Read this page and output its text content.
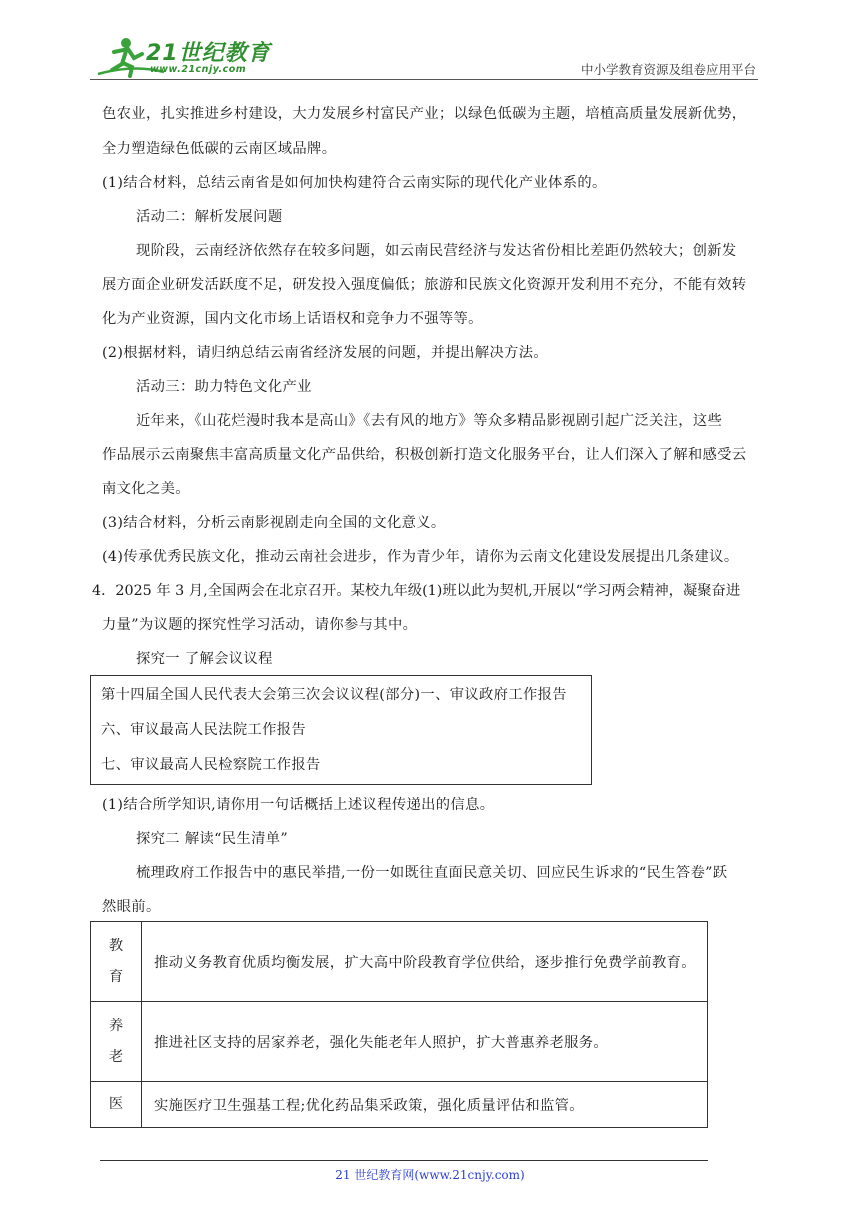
21世纪教育
www.21cnjy.com	中小学教育资源及组卷应用平台
色农业，扎实推进乡村建设，大力发展乡村富民产业；以绿色低碳为主题，培植高质量发展新优势，
全力塑造绿色低碳的云南区域品牌。
(1)结合材料，总结云南省是如何加快构建符合云南实际的现代化产业体系的。
活动二：解析发展问题
现阶段，云南经济依然存在较多问题，如云南民营经济与发达省份相比差距仍然较大；创新发
展方面企业研发活跃度不足，研发投入强度偏低；旅游和民族文化资源开发利用不充分，不能有效转
化为产业资源，国内文化市场上话语权和竞争力不强等等。
(2)根据材料，请归纳总结云南省经济发展的问题，并提出解决方法。
活动三：助力特色文化产业
近年来，《山花烂漫时我本是高山》《去有风的地方》等众多精品影视剧引起广泛关注，这些
作品展示云南聚焦丰富高质量文化产品供给，积极创新打造文化服务平台，让人们深入了解和感受云
南文化之美。
(3)结合材料，分析云南影视剧走向全国的文化意义。
(4)传承优秀民族文化，推动云南社会进步，作为青少年，请你为云南文化建设发展提出几条建议。
4．2025 年 3 月,全国两会在北京召开。某校九年级(1)班以此为契机,开展以“学习两会精神，凝聚奋进
力量”为议题的探究性学习活动，请你参与其中。
探究一 了解会议议程
第十四届全国人民代表大会第三次会议议程(部分)一、审议政府工作报告
六、审议最高人民法院工作报告
七、审议最高人民检察院工作报告
(1)结合所学知识,请你用一句话概括上述议程传递出的信息。
探究二 解读“民生清单”
梳理政府工作报告中的惠民举措,一份一如既往直面民意关切、回应民生诉求的“民生答卷”跃
然眼前。
教
育	推动义务教育优质均衡发展，扩大高中阶段教育学位供给，逐步推行免费学前教育。

养
老	推进社区支持的居家养老，强化失能老年人照护，扩大普惠养老服务。

医	实施医疗卫生强基工程;优化药品集采政策，强化质量评估和监管。
21 世纪教育网(www.21cnjy.com)
